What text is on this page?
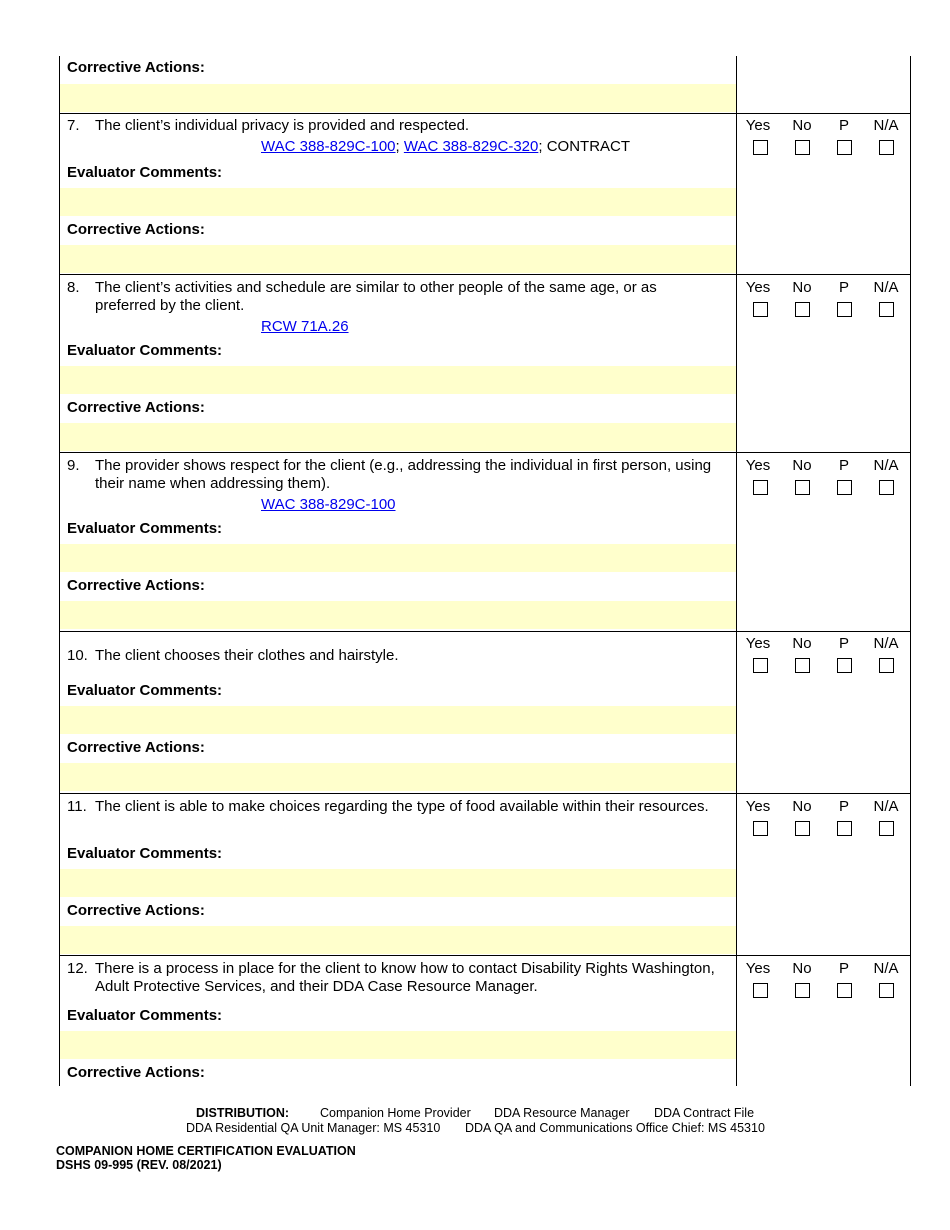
Corrective Actions:
7. The client’s individual privacy is provided and respected.
WAC 388-829C-100; WAC 388-829C-320; CONTRACT
Evaluator Comments:
Corrective Actions:
Yes	No	P	N/A
8. The client’s activities and schedule are similar to other people of the same age, or as preferred by the client.
RCW 71A.26
Evaluator Comments:
Corrective Actions:
Yes	No	P	N/A
9. The provider shows respect for the client (e.g., addressing the individual in first person, using their name when addressing them).
WAC 388-829C-100
Evaluator Comments:
Corrective Actions:
Yes	No	P	N/A
10. The client chooses their clothes and hairstyle.
Evaluator Comments:
Corrective Actions:
Yes	No	P	N/A
11. The client is able to make choices regarding the type of food available within their resources.
Evaluator Comments:
Corrective Actions:
Yes	No	P	N/A
12. There is a process in place for the client to know how to contact Disability Rights Washington, Adult Protective Services, and their DDA Case Resource Manager.
Evaluator Comments:
Corrective Actions:
Yes	No	P	N/A
DISTRIBUTION: Companion Home Provider DDA Resource Manager DDA Contract File
DDA Residential QA Unit Manager: MS 45310 DDA QA and Communications Office Chief: MS 45310
COMPANION HOME CERTIFICATION EVALUATION
DSHS 09-995 (REV. 08/2021)
